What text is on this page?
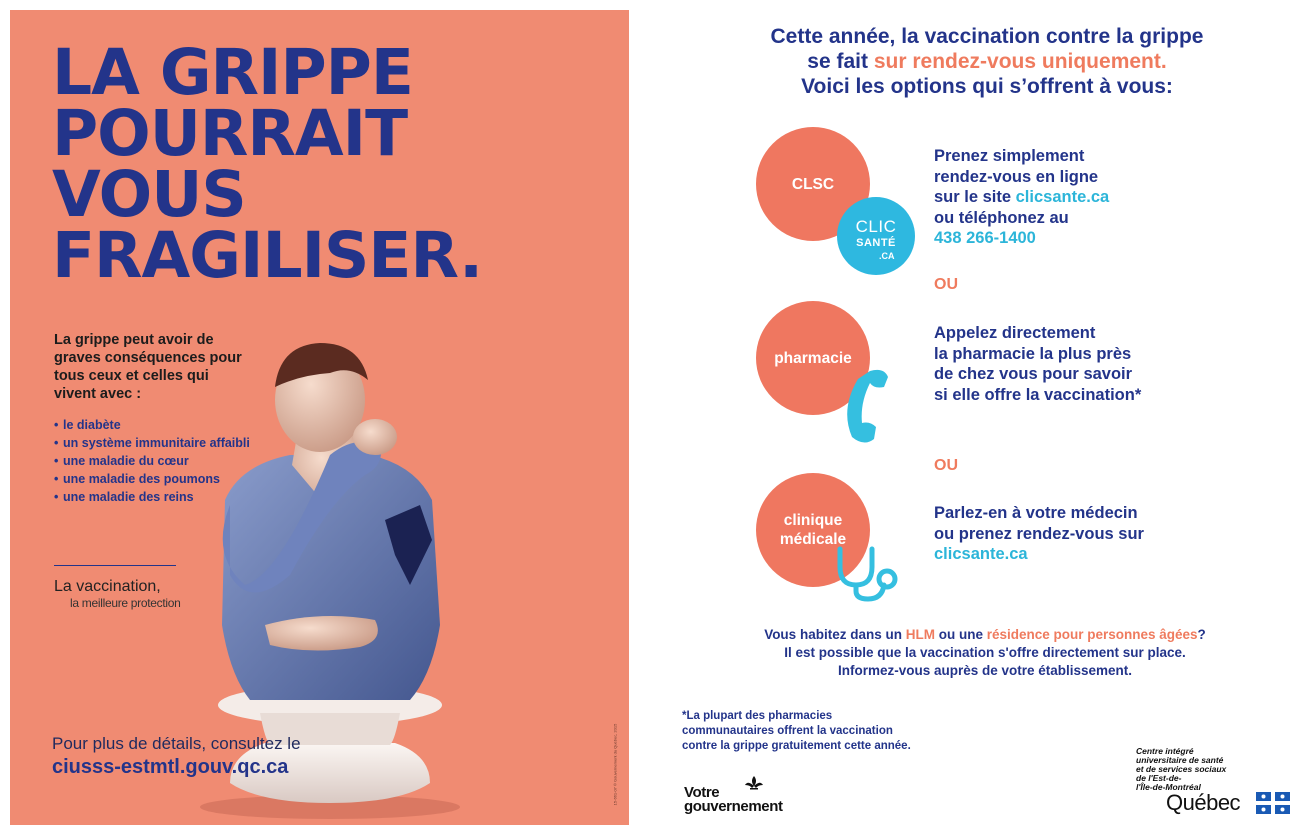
LA GRIPPE
POURRAIT
VOUS
FRAGILISER.
La grippe peut avoir de graves conséquences pour tous ceux et celles qui vivent avec :
• le diabète
• un système immunitaire affaibli
• une maladie du cœur
• une maladie des poumons
• une maladie des reins
La vaccination,
la meilleure protection
Pour plus de détails, consultez le
ciusss-estmtl.gouv.qc.ca	15-661-07 © Gouvernement du Québec, 2015
Cette année, la vaccination contre la grippe
se fait sur rendez-vous uniquement.
Voici les options qui s’offrent à vous:
CLSC
CLIC
SANTÉ
.CA
Prenez simplement
rendez-vous en ligne
sur le site clicsante.ca
ou téléphonez au
438 266-1400
OU
pharmacie
Appelez directement
la pharmacie la plus près
de chez vous pour savoir
si elle offre la vaccination*
OU
clinique
médicale
Parlez-en à votre médecin
ou prenez rendez-vous sur
clicsante.ca
Vous habitez dans un HLM ou une résidence pour personnes âgées?
Il est possible que la vaccination s'offre directement sur place.
Informez-vous auprès de votre établissement.
*La plupart des pharmacies
communautaires offrent la vaccination
contre la grippe gratuitement cette année.
Votre
gouvernement
Centre intégré
universitaire de santé
et de services sociaux
de l'Est-de-
l'Île-de-Montréal
Québec
